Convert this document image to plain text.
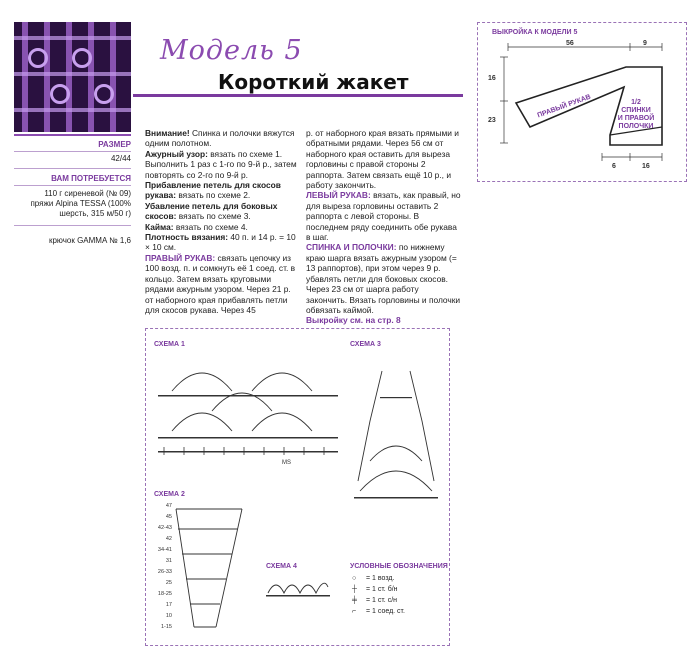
Модель 5
Короткий жакет
РАЗМЕР
42/44
ВАМ ПОТРЕБУЕТСЯ
110 г сиреневой (№ 09) пряжи Alpina TESSA (100% шерсть, 315 м/50 г)
крючок GAMMA № 1,6

Внимание! Спинка и полочки вяжутся одним полотном.

Ажурный узор: вязать по схеме 1. Выполнить 1 раз с 1-го по 9-й р., затем повторять со 2-го по 9-й р.

Прибавление петель для скосов рукава: вязать по схеме 2.

Убавление петель для боковых скосов: вязать по схеме 3.

Кайма: вязать по схеме 4.

Плотность вязания: 40 п. и 14 р. = 10 × 10 см.

ПРАВЫЙ РУКАВ: связать цепочку из 100 возд. п. и сомкнуть её 1 соед. ст. в кольцо. Затем вязать круговыми рядами ажурным узором. Через 21 р. от наборного края прибавлять петли для скосов рукава. Через 45

р. от наборного края вязать прямыми и обратными рядами. Через 56 см от наборного края оставить для выреза горловины с правой стороны 2 раппорта. Затем связать ещё 10 р., и работу закончить.

ЛЕВЫЙ РУКАВ: вязать, как правый, но для выреза горловины оставить 2 раппорта с левой стороны. В последнем ряду соединить обе рукава в шаг.

СПИНКА И ПОЛОЧКИ: по нижнему краю шарга вязать ажурным узором (= 13 раппортов), при этом через 9 р. убавлять петли для боковых скосов. Через 23 см от шарга работу закончить. Вязать горловины и полочки обвязать каймой.

Выкройку см. на стр. 8

ВЫКРОЙКА К МОДЕЛИ 5
56	9
16
23
6	16
ПРАВЫЙ РУКАВ	1/2
СПИНКИ
И ПРАВОЙ
ПОЛОЧКИ
СХЕМА 1	СХЕМА 3
СХЕМА 2
СХЕМА 4	УСЛОВНЫЕ ОБОЗНАЧЕНИЯ
MS
47
45
42-43
42
34-41
31
26-33
25
18-25
17
10
1-15
○ = 1 возд.
┼ = 1 ст. б/н
╪ = 1 ст. с/н
⌐ = 1 соед. ст.
